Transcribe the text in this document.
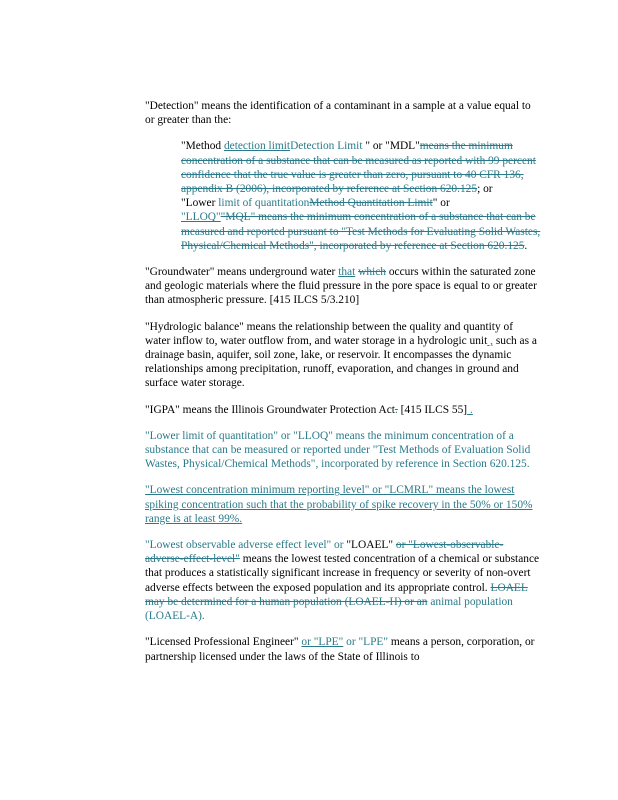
"Detection" means the identification of a contaminant in a sample at a value equal to or greater than the:

"Method detection limitDetection Limit " or "MDL"means the minimum concentration of a substance that can be measured as reported with 99 percent confidence that the true value is greater than zero, pursuant to 40 CFR 136, appendix B (2006), incorporated by reference at Section 620.125; or

"Lower limit of quantitationMethod Quantitation Limit" or

"LLOQ""MQL" means the minimum concentration of a substance that can be measured and reported pursuant to "Test Methods for Evaluating Solid Wastes, Physical/Chemical Methods", incorporated by reference at Section 620.125.

"Groundwater" means underground water that which occurs within the saturated zone and geologic materials where the fluid pressure in the pore space is equal to or greater than atmospheric pressure. [415 ILCS 5/3.210]

"Hydrologic balance" means the relationship between the quality and quantity of water inflow to, water outflow from, and water storage in a hydrologic unit , such as a drainage basin, aquifer, soil zone, lake, or reservoir. It encompasses the dynamic relationships among precipitation, runoff, evaporation, and changes in ground and surface water storage.

"IGPA" means the Illinois Groundwater Protection Act. [415 ILCS 55] .

"Lower limit of quantitation" or "LLOQ" means the minimum concentration of a substance that can be measured or reported under "Test Methods of Evaluation Solid Wastes, Physical/Chemical Methods", incorporated by reference in Section 620.125.

"Lowest concentration minimum reporting level" or "LCMRL" means the lowest spiking concentration such that the probability of spike recovery in the 50% or 150% range is at least 99%.

"Lowest observable adverse effect level" or "LOAEL" or "Lowest-observable-adverse-effect-level" means the lowest tested concentration of a chemical or substance that produces a statistically significant increase in frequency or severity of non-overt adverse effects between the exposed population and its appropriate control. LOAEL may be determined for a human population (LOAEL-H) or an animal population (LOAEL-A).

"Licensed Professional Engineer" or "LPE" or "LPE" means a person, corporation, or partnership licensed under the laws of the State of Illinois to
